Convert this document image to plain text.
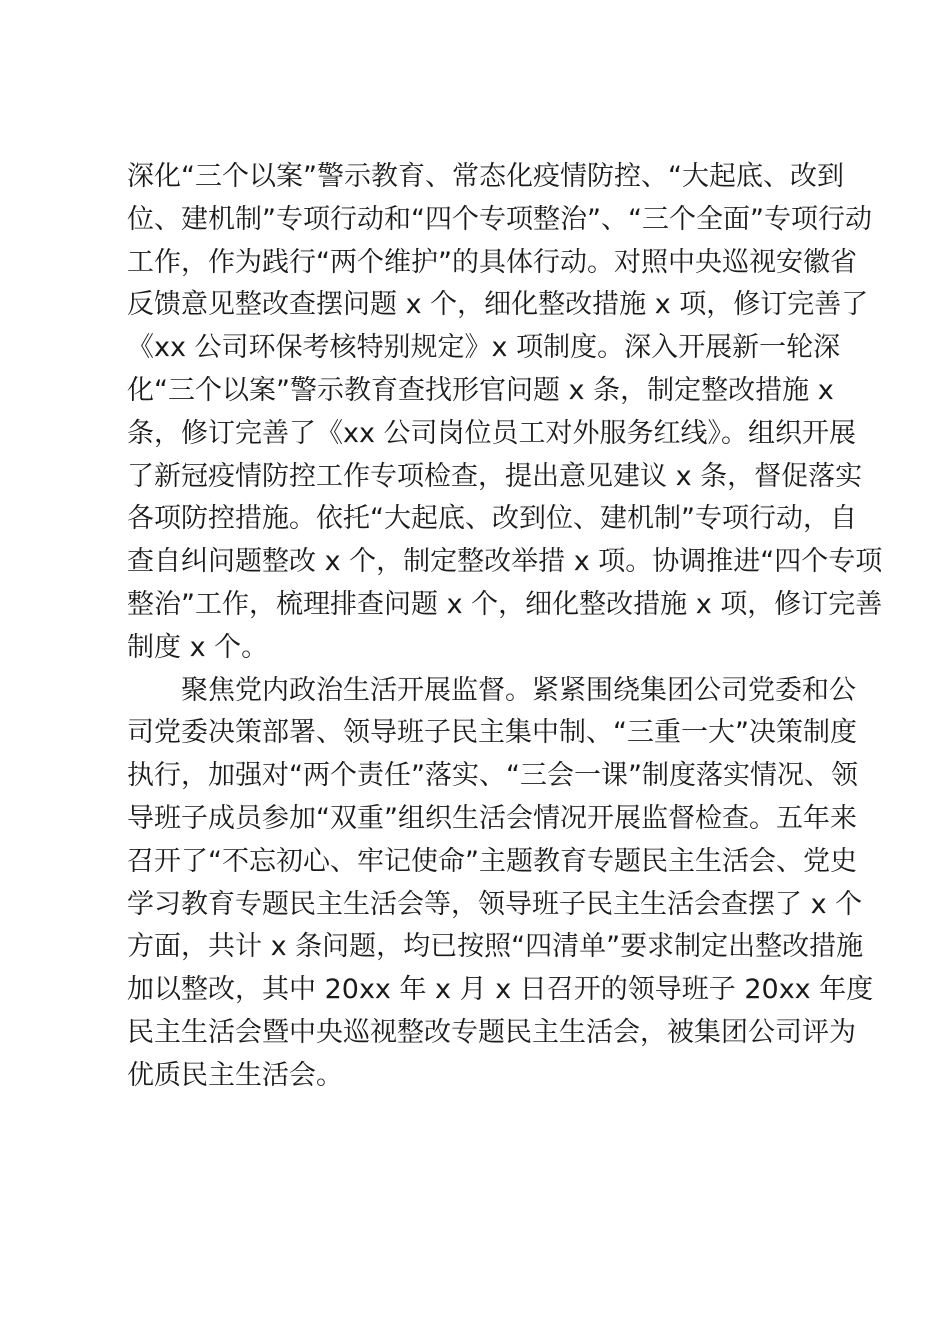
深化“三个以案”警示教育、常态化疫情防控、“大起底、改到
位、建机制”专项行动和“四个专项整治”、“三个全面”专项行动
工作，作为践行“两个维护”的具体行动。对照中央巡视安徽省
反馈意见整改查摆问题 x 个，细化整改措施 x 项，修订完善了
《xx 公司环保考核特别规定》x 项制度。深入开展新一轮深
化“三个以案”警示教育查找形官问题 x 条，制定整改措施 x
条，修订完善了《xx 公司岗位员工对外服务红线》。组织开展
了新冠疫情防控工作专项检查，提出意见建议 x 条，督促落实
各项防控措施。依托“大起底、改到位、建机制”专项行动，自
查自纠问题整改 x 个，制定整改举措 x 项。协调推进“四个专项
整治”工作，梳理排查问题 x 个，细化整改措施 x 项，修订完善
制度 x 个。
聚焦党内政治生活开展监督。紧紧围绕集团公司党委和公
司党委决策部署、领导班子民主集中制、“三重一大”决策制度
执行，加强对“两个责任”落实、“三会一课”制度落实情况、领
导班子成员参加“双重”组织生活会情况开展监督检查。五年来
召开了“不忘初心、牢记使命”主题教育专题民主生活会、党史
学习教育专题民主生活会等，领导班子民主生活会查摆了 x 个
方面，共计 x 条问题，均已按照“四清单”要求制定出整改措施
加以整改，其中 20xx 年 x 月 x 日召开的领导班子 20xx 年度
民主生活会暨中央巡视整改专题民主生活会，被集团公司评为
优质民主生活会。
